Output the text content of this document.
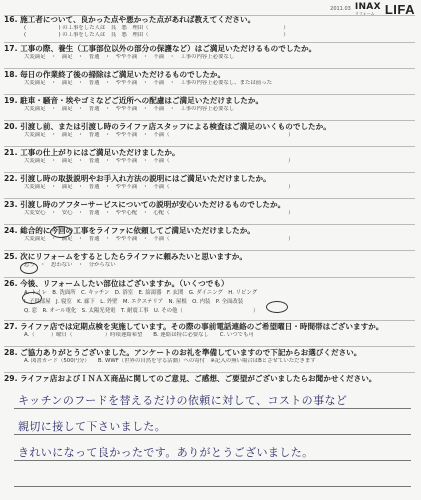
2011.03 INAX
リフォーム LIFA
16. 施工者について、良かった点や悪かった点があれば教えてください。
(　　　　　　) の工事をした人は　良　悪　理由（　　　　　　　　　　　　　　　　　　　　　　　　　）
(　　　　　　) の工事をした人は　良　悪　理由（　　　　　　　　　　　　　　　　　　　　　　　　　）
17. 工事の際、養生（工事部位以外の部分の保護など）はご満足いただけるものでしたか。
大変満足　・　満足　・　普通　・　やや不満　・　不満　・　工事の内容上必要なし
18. 毎日の作業終了後の掃除はご満足いただけるものでしたか。
大変満足　・　満足　・　普通　・　やや不満　・　不満　・　工事の内容上必要なし、または前った
19. 駐車・騒音・埃やゴミなどご近所への配慮はご満足いただけましたか。
大変満足　・　満足　・　普通　・　やや不満　・　不満　・　工事の内容上必要なし
20. 引渡し前、または引渡し時のライファ店スタッフによる検査はご満足のいくものでしたか。
大変満足　・　満足　・　普通　・　やや不満　・　不満（　　　　　　　　　　　　　　　　　　　　　　）
21. 工事の仕上がりにはご満足いただけましたか。
大変満足　・　満足　・　普通　・　やや不満　・　不満（　　　　　　　　　　　　　　　　　　　　　　）
22. 引渡し時の取扱説明やお手入れ方法の説明にはご満足いただけましたか。
大変満足　・　満足　・　普通　・　やや不満　・　不満（　　　　　　　　　　　　　　　　　　　　　　）
23. 引渡し時のアフターサービスについての説明が安心いただけるものでしたか。
大変安心　・　安心　・　普通　・　やや心配　・　心配（　　　　　　　　　　　　　　　　　　　　　　）
24. 総合的に今回の工事をライファに依頼してご満足いただけましたか。
大変満足　・　満足　・　普通　・　やや不満　・　不満（　　　　　　　　　　　　　　　　　　　　　　）
25. 次にリフォームをするとしたらライファに頼みたいと思いますか。
思う　・　思わない　・　分からない
26. 今後、リフォームしたい部位はございますか。（いくつでも）
A. トイレ　B. 洗面所　C. キッチン　D. 浴室　E. 給湯器　F. 玄関　G. ダイニング　H. リビング
I. 子供部屋　J. 寝室　K. 廊下　L. 外壁　M. エクステリア　N. 屋根　O. 内装　P. 全面改装
Q. 窓　R. オール電化　S. 太陽光発電　T. 耐震工事　U. その他（　　　　　　　　　　　　　）
27. ライファ店では定期点検を実施しています。その際の事前電話連絡のご希望曜日・時間帯はございますか。
A.（　　　）曜日（　　　　　　）時頃連絡希望　　B. 連絡は特に必要なし　　C. いつでも可
28. ご協力ありがとうございました。アンケートのお礼を準備していますので下記からお選びください。
A. 図書カード（500円分）　　B. WWF（世界の自然を守る活動）への寄付　※記入の無い場合はBとさせていただきます
29. ライファ店およびＩＮＡＸ商品に関してのご意見、ご感想、ご要望がございましたらお聞かせください。
キッチンのフードを替えるだけの依頼に対して、コストの事など
親切に接して下さいました。
きれいになって良かったです。ありがとうございました。
